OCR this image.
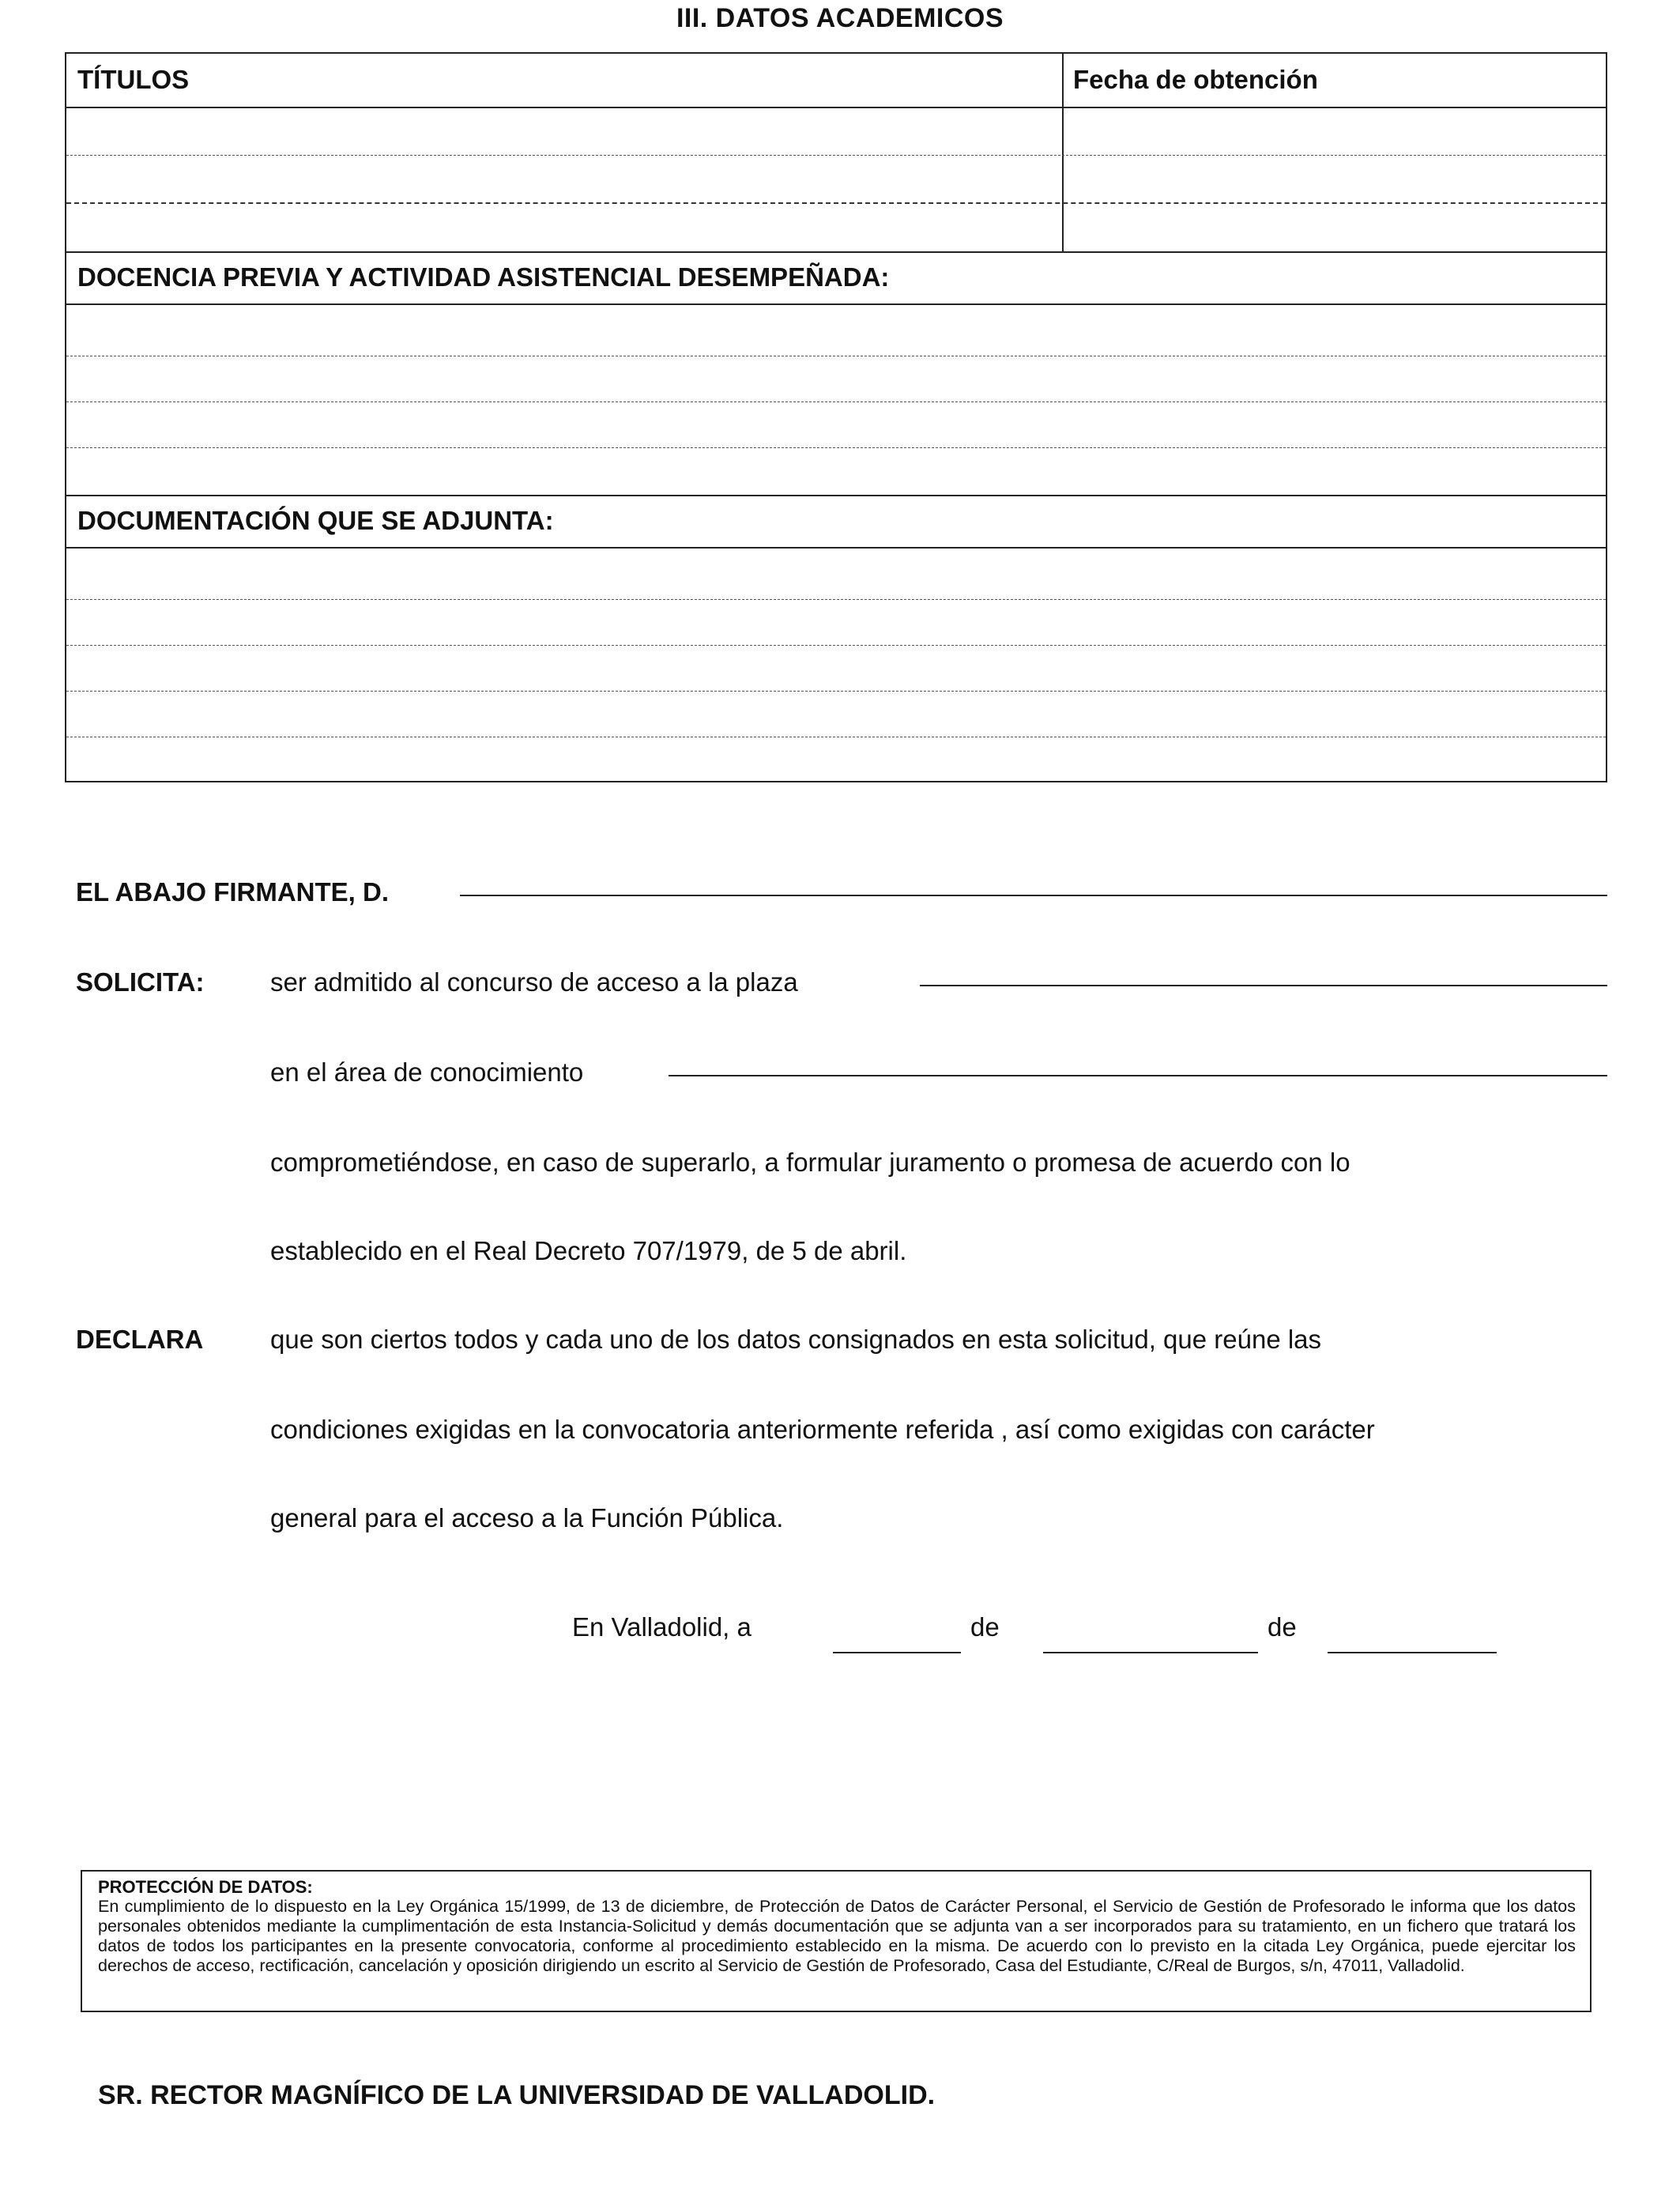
III. DATOS ACADEMICOS
TÍTULOS	Fecha de obtención
DOCENCIA PREVIA Y ACTIVIDAD ASISTENCIAL DESEMPEÑADA:
DOCUMENTACIÓN QUE SE ADJUNTA:
EL ABAJO FIRMANTE, D.
SOLICITA:	ser admitido al concurso de acceso a la plaza
en el área de conocimiento
comprometiéndose, en caso de superarlo, a formular juramento o promesa de acuerdo con lo
establecido en el Real Decreto 707/1979, de 5 de abril.
DECLARA	que son ciertos todos y cada uno de los datos consignados en esta solicitud, que reúne las
condiciones exigidas en la convocatoria anteriormente referida , así como exigidas con carácter
general para el acceso a la Función Pública.
En Valladolid, a	de	de
PROTECCIÓN DE DATOS:
En cumplimiento de lo dispuesto en la Ley Orgánica 15/1999, de 13 de diciembre, de Protección de Datos de Carácter Personal, el Servicio de Gestión de Profesorado le informa que los datos personales obtenidos mediante la cumplimentación de esta Instancia-Solicitud y demás documentación que se adjunta van a ser incorporados para su tratamiento, en un fichero que tratará los datos de todos los participantes en la presente convocatoria, conforme al procedimiento establecido en la misma. De acuerdo con lo previsto en la citada Ley Orgánica, puede ejercitar los derechos de acceso, rectificación, cancelación y oposición dirigiendo un escrito al Servicio de Gestión de Profesorado, Casa del Estudiante, C/Real de Burgos, s/n, 47011, Valladolid.
SR. RECTOR MAGNÍFICO DE LA UNIVERSIDAD DE VALLADOLID.
